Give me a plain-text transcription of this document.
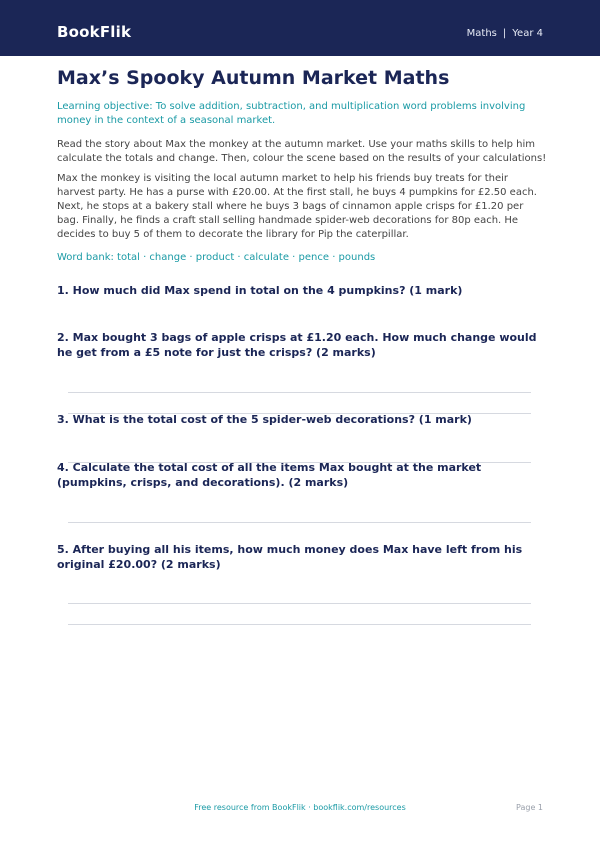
BookFlik	Maths | Year 4
Max’s Spooky Autumn Market Maths

Learning objective: To solve addition, subtraction, and multiplication word problems involving money in the context of a seasonal market.

Read the story about Max the monkey at the autumn market. Use your maths skills to help him calculate the totals and change. Then, colour the scene based on the results of your calculations!

Max the monkey is visiting the local autumn market to help his friends buy treats for their harvest party. He has a purse with £20.00. At the first stall, he buys 4 pumpkins for £2.50 each. Next, he stops at a bakery stall where he buys 3 bags of cinnamon apple crisps for £1.20 per bag. Finally, he finds a craft stall selling handmade spider-web decorations for 80p each. He decides to buy 5 of them to decorate the library for Pip the caterpillar.

Word bank: total · change · product · calculate · pence · pounds

1. How much did Max spend in total on the 4 pumpkins? (1 mark)

2. Max bought 3 bags of apple crisps at £1.20 each. How much change would he get from a £5 note for just the crisps? (2 marks)

3. What is the total cost of the 5 spider-web decorations? (1 mark)

4. Calculate the total cost of all the items Max bought at the market (pumpkins, crisps, and decorations). (2 marks)

5. After buying all his items, how much money does Max have left from his original £20.00? (2 marks)

Free resource from BookFlik · bookflik.com/resources	Page 1
